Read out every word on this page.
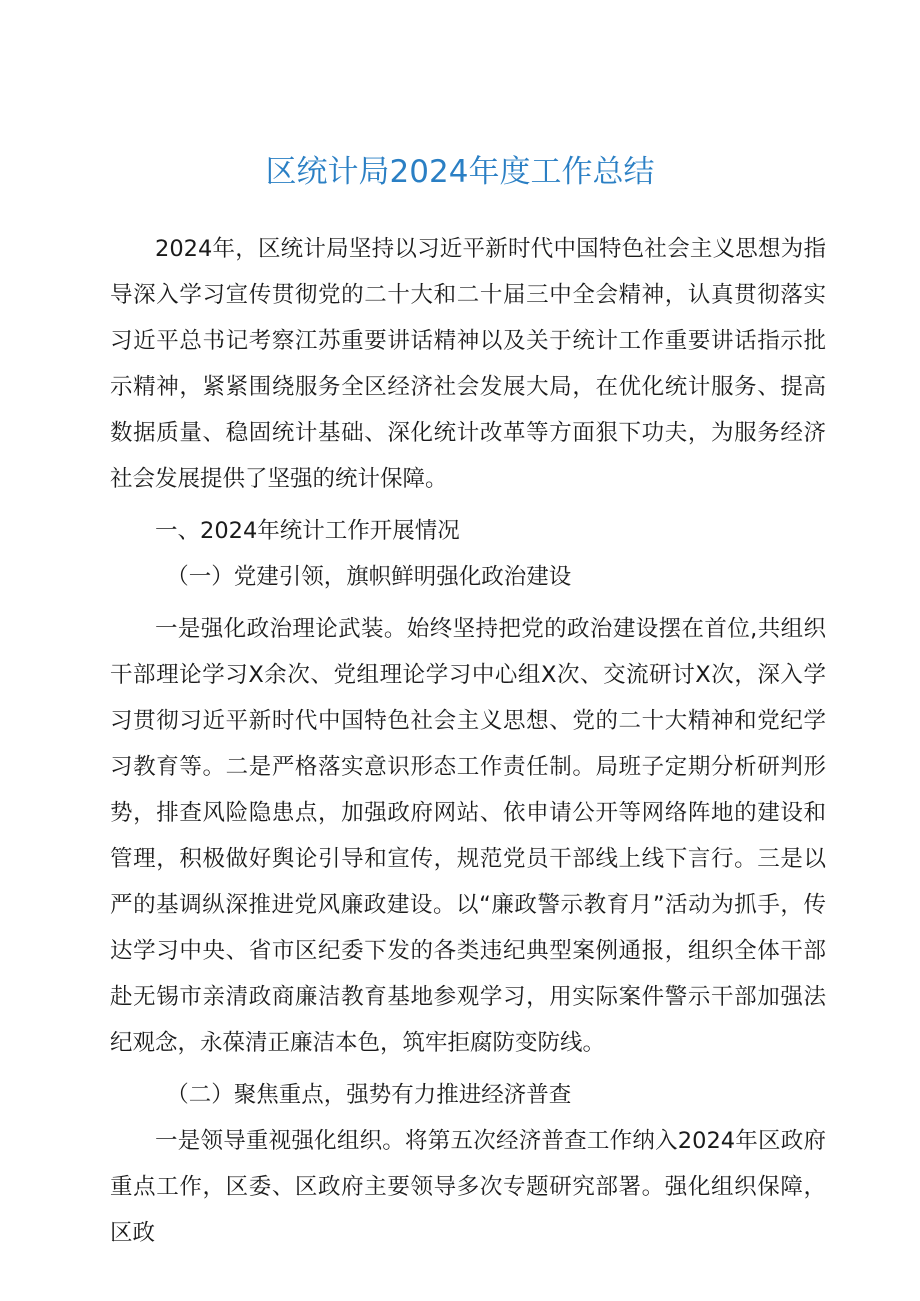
区统计局2024年度工作总结

2024年，区统计局坚持以习近平新时代中国特色社会主义思想为指导深入学习宣传贯彻党的二十大和二十届三中全会精神，认真贯彻落实习近平总书记考察江苏重要讲话精神以及关于统计工作重要讲话指示批示精神，紧紧围绕服务全区经济社会发展大局，在优化统计服务、提高数据质量、稳固统计基础、深化统计改革等方面狠下功夫，为服务经济社会发展提供了坚强的统计保障。

一、2024年统计工作开展情况

（一）党建引领，旗帜鲜明强化政治建设

一是强化政治理论武装。始终坚持把党的政治建设摆在首位,共组织干部理论学习X余次、党组理论学习中心组X次、交流研讨X次，深入学习贯彻习近平新时代中国特色社会主义思想、党的二十大精神和党纪学习教育等。二是严格落实意识形态工作责任制。局班子定期分析研判形势，排查风险隐患点，加强政府网站、依申请公开等网络阵地的建设和管理，积极做好舆论引导和宣传，规范党员干部线上线下言行。三是以严的基调纵深推进党风廉政建设。以“廉政警示教育月”活动为抓手，传达学习中央、省市区纪委下发的各类违纪典型案例通报，组织全体干部赴无锡市亲清政商廉洁教育基地参观学习，用实际案件警示干部加强法纪观念，永葆清正廉洁本色，筑牢拒腐防变防线。

（二）聚焦重点，强势有力推进经济普查

一是领导重视强化组织。将第五次经济普查工作纳入2024年区政府重点工作，区委、区政府主要领导多次专题研究部署。强化组织保障，区政
